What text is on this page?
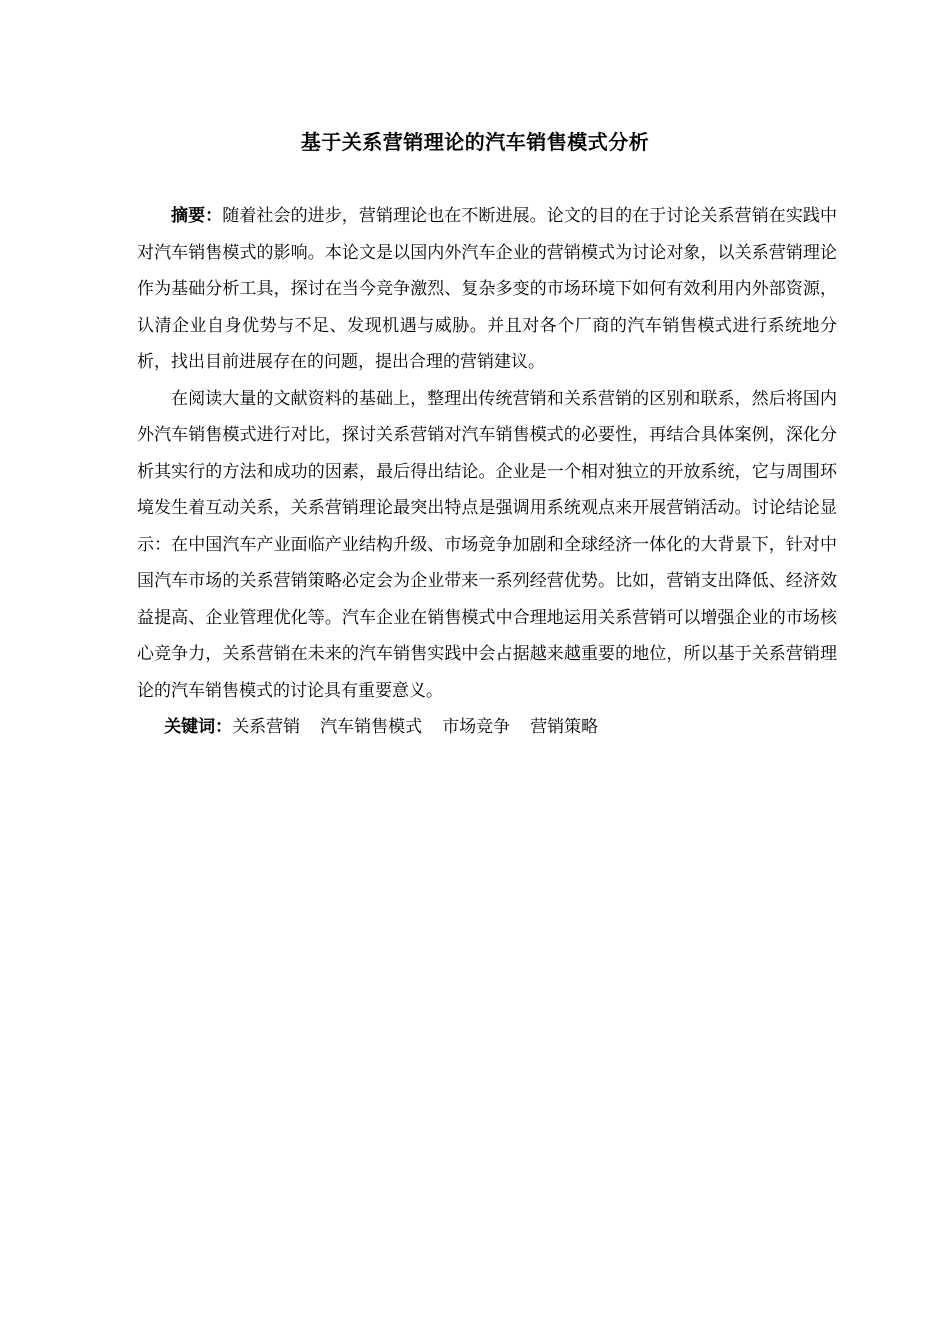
基于关系营销理论的汽车销售模式分析

摘要：随着社会的进步，营销理论也在不断进展。论文的目的在于讨论关系营销在实践中对汽车销售模式的影响。本论文是以国内外汽车企业的营销模式为讨论对象，以关系营销理论作为基础分析工具，探讨在当今竞争激烈、复杂多变的市场环境下如何有效利用内外部资源，认清企业自身优势与不足、发现机遇与威胁。并且对各个厂商的汽车销售模式进行系统地分析，找出目前进展存在的问题，提出合理的营销建议。

在阅读大量的文献资料的基础上，整理出传统营销和关系营销的区别和联系，然后将国内外汽车销售模式进行对比，探讨关系营销对汽车销售模式的必要性，再结合具体案例，深化分析其实行的方法和成功的因素，最后得出结论。企业是一个相对独立的开放系统，它与周围环境发生着互动关系，关系营销理论最突出特点是强调用系统观点来开展营销活动。讨论结论显示：在中国汽车产业面临产业结构升级、市场竞争加剧和全球经济一体化的大背景下，针对中国汽车市场的关系营销策略必定会为企业带来一系列经营优势。比如，营销支出降低、经济效益提高、企业管理优化等。汽车企业在销售模式中合理地运用关系营销可以增强企业的市场核心竞争力，关系营销在未来的汽车销售实践中会占据越来越重要的地位，所以基于关系营销理论的汽车销售模式的讨论具有重要意义。

关键词：关系营销 汽车销售模式 市场竞争 营销策略
